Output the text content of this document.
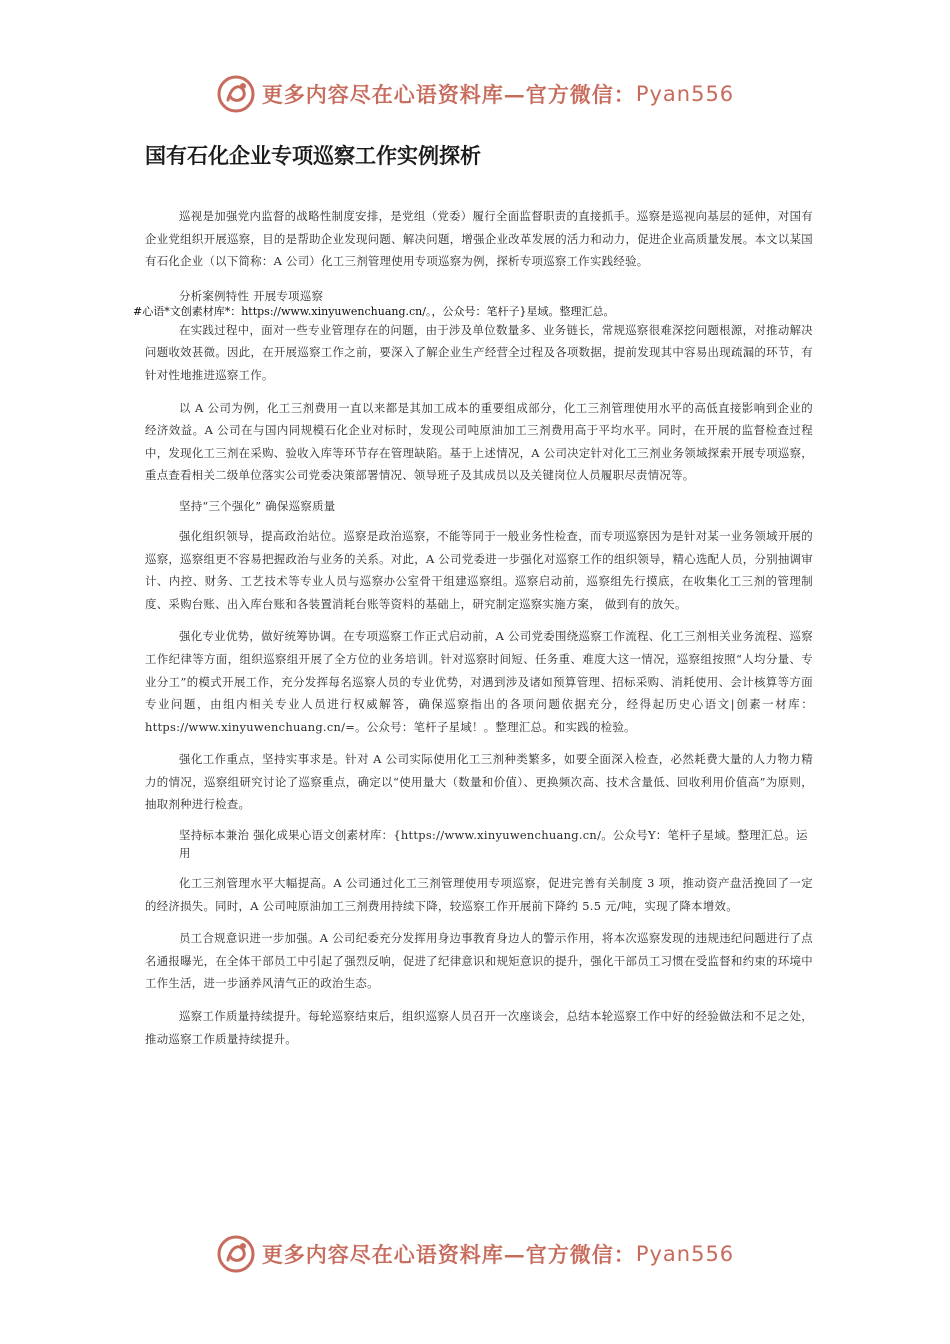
更多内容尽在心语资料库—官方微信： Pyan556
国有石化企业专项巡察工作实例探析

巡视是加强党内监督的战略性制度安排，是党组（党委）履行全面监督职责的直接抓手。巡察是巡视向基层的延伸，对国有企业党组织开展巡察，目的是帮助企业发现问题、解决问题，增强企业改革发展的活力和动力，促进企业高质量发展。本文以某国有石化企业（以下简称：A 公司）化工三剂管理使用专项巡察为例，探析专项巡察工作实践经验。

分析案例特性 开展专项巡察

#心语*文创素材库*：https://www.xinyuwenchuang.cn/。，公众号：笔杆子}星域。整理汇总。

在实践过程中，面对一些专业管理存在的问题，由于涉及单位数量多、业务链长，常规巡察很难深挖问题根源，对推动解决问题收效甚微。因此，在开展巡察工作之前，要深入了解企业生产经营全过程及各项数据，提前发现其中容易出现疏漏的环节，有针对性地推进巡察工作。

以 A 公司为例，化工三剂费用一直以来都是其加工成本的重要组成部分，化工三剂管理使用水平的高低直接影响到企业的经济效益。A 公司在与国内同规模石化企业对标时，发现公司吨原油加工三剂费用高于平均水平。同时，在开展的监督检查过程中，发现化工三剂在采购、验收入库等环节存在管理缺陷。基于上述情况，A 公司决定针对化工三剂业务领域探索开展专项巡察，重点查看相关二级单位落实公司党委决策部署情况、领导班子及其成员以及关键岗位人员履职尽责情况等。

坚持“三个强化” 确保巡察质量

强化组织领导，提高政治站位。巡察是政治巡察，不能等同于一般业务性检查，而专项巡察因为是针对某一业务领域开展的巡察，巡察组更不容易把握政治与业务的关系。对此，A 公司党委进一步强化对巡察工作的组织领导，精心选配人员，分别抽调审计、内控、财务、工艺技术等专业人员与巡察办公室骨干组建巡察组。巡察启动前，巡察组先行摸底，在收集化工三剂的管理制度、采购台账、出入库台账和各装置消耗台账等资料的基础上，研究制定巡察实施方案， 做到有的放矢。

强化专业优势，做好统筹协调。在专项巡察工作正式启动前，A 公司党委围绕巡察工作流程、化工三剂相关业务流程、巡察工作纪律等方面，组织巡察组开展了全方位的业务培训。针对巡察时间短、任务重、难度大这一情况，巡察组按照“人均分量、专业分工”的模式开展工作，充分发挥每名巡察人员的专业优势，对遇到涉及诸如预算管理、招标采购、消耗使用、会计核算等方面专业问题，由组内相关专业人员进行权威解答，确保巡察指出的各项问题依据充分，经得起历史心语文|创素一材库：https://www.xinyuwenchuang.cn/=。公众号：笔杆子星域！。整理汇总。和实践的检验。

强化工作重点，坚持实事求是。针对 A 公司实际使用化工三剂种类繁多，如要全面深入检查，必然耗费大量的人力物力精力的情况，巡察组研究讨论了巡察重点，确定以“使用量大（数量和价值）、更换频次高、技术含量低、回收利用价值高”为原则，抽取剂种进行检查。

坚持标本兼治 强化成果心语文创素材库：{https://www.xinyuwenchuang.cn/。公众号Y：笔杆子星域。整理汇总。运用

化工三剂管理水平大幅提高。A 公司通过化工三剂管理使用专项巡察，促进完善有关制度 3 项，推动资产盘活挽回了一定的经济损失。同时，A 公司吨原油加工三剂费用持续下降，较巡察工作开展前下降约 5.5 元/吨，实现了降本增效。

员工合规意识进一步加强。A 公司纪委充分发挥用身边事教育身边人的警示作用，将本次巡察发现的违规违纪问题进行了点名通报曝光，在全体干部员工中引起了强烈反响，促进了纪律意识和规矩意识的提升，强化干部员工习惯在受监督和约束的环境中工作生活，进一步涵养风清气正的政治生态。

巡察工作质量持续提升。每轮巡察结束后，组织巡察人员召开一次座谈会，总结本轮巡察工作中好的经验做法和不足之处，推动巡察工作质量持续提升。

更多内容尽在心语资料库—官方微信： Pyan556
